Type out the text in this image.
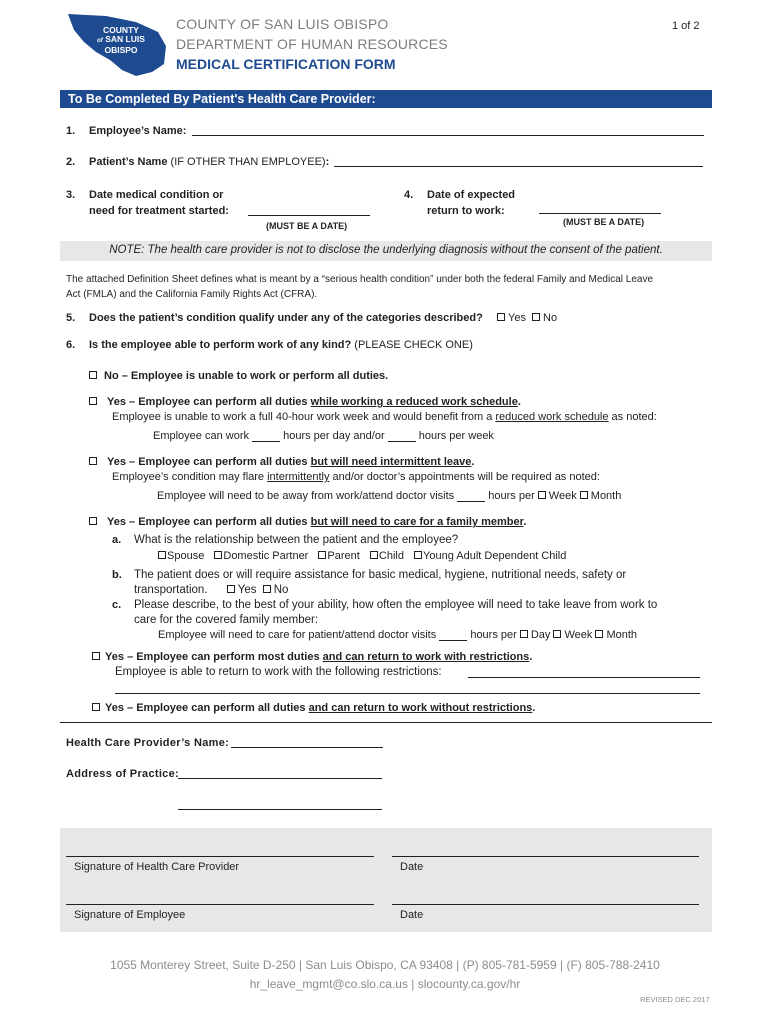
COUNTY
of SAN LUIS
OBISPO
COUNTY OF SAN LUIS OBISPO
DEPARTMENT OF HUMAN RESOURCES
MEDICAL CERTIFICATION FORM
1 of 2
To Be Completed By Patient's Health Care Provider:
1. Employee’s Name:
2. Patient’s Name (IF OTHER THAN EMPLOYEE):
3. Date medical condition or
need for treatment started:
(MUST BE A DATE)
4. Date of expected
return to work:
(MUST BE A DATE)
NOTE: The health care provider is not to disclose the underlying diagnosis without the consent of the patient.
The attached Definition Sheet defines what is meant by a “serious health condition” under both the federal Family and Medical Leave
Act (FMLA) and the California Family Rights Act (CFRA).
5. Does the patient’s condition qualify under any of the categories described?	Yes No
6. Is the employee able to perform work of any kind? (PLEASE CHECK ONE)
No – Employee is unable to work or perform all duties.
Yes – Employee can perform all duties while working a reduced work schedule.
Employee is unable to work a full 40-hour work week and would benefit from a reduced work schedule as noted:
Employee can work	hours per day and/or	hours per week
Yes – Employee can perform all duties but will need intermittent leave.
Employee’s condition may flare intermittently and/or doctor’s appointments will be required as noted:
Employee will need to be away from work/attend doctor visits	hours per Week Month
Yes – Employee can perform all duties but will need to care for a family member.
a. What is the relationship between the patient and the employee?
Spouse Domestic Partner Parent Child Young Adult Dependent Child
b. The patient does or will require assistance for basic medical, hygiene, nutritional needs, safety or
transportation.	Yes No
c. Please describe, to the best of your ability, how often the employee will need to take leave from work to
care for the covered family member:
Employee will need to care for patient/attend doctor visits	hours per Day Week Month
Yes – Employee can perform most duties and can return to work with restrictions.
Employee is able to return to work with the following restrictions:
Yes – Employee can perform all duties and can return to work without restrictions.
Health Care Provider’s Name:
Address of Practice:
Signature of Health Care Provider	Date
Signature of Employee	Date
1055 Monterey Street, Suite D-250 | San Luis Obispo, CA 93408 | (P) 805-781-5959 | (F) 805-788-2410
hr_leave_mgmt@co.slo.ca.us | slocounty.ca.gov/hr
REVISED DEC 2017
